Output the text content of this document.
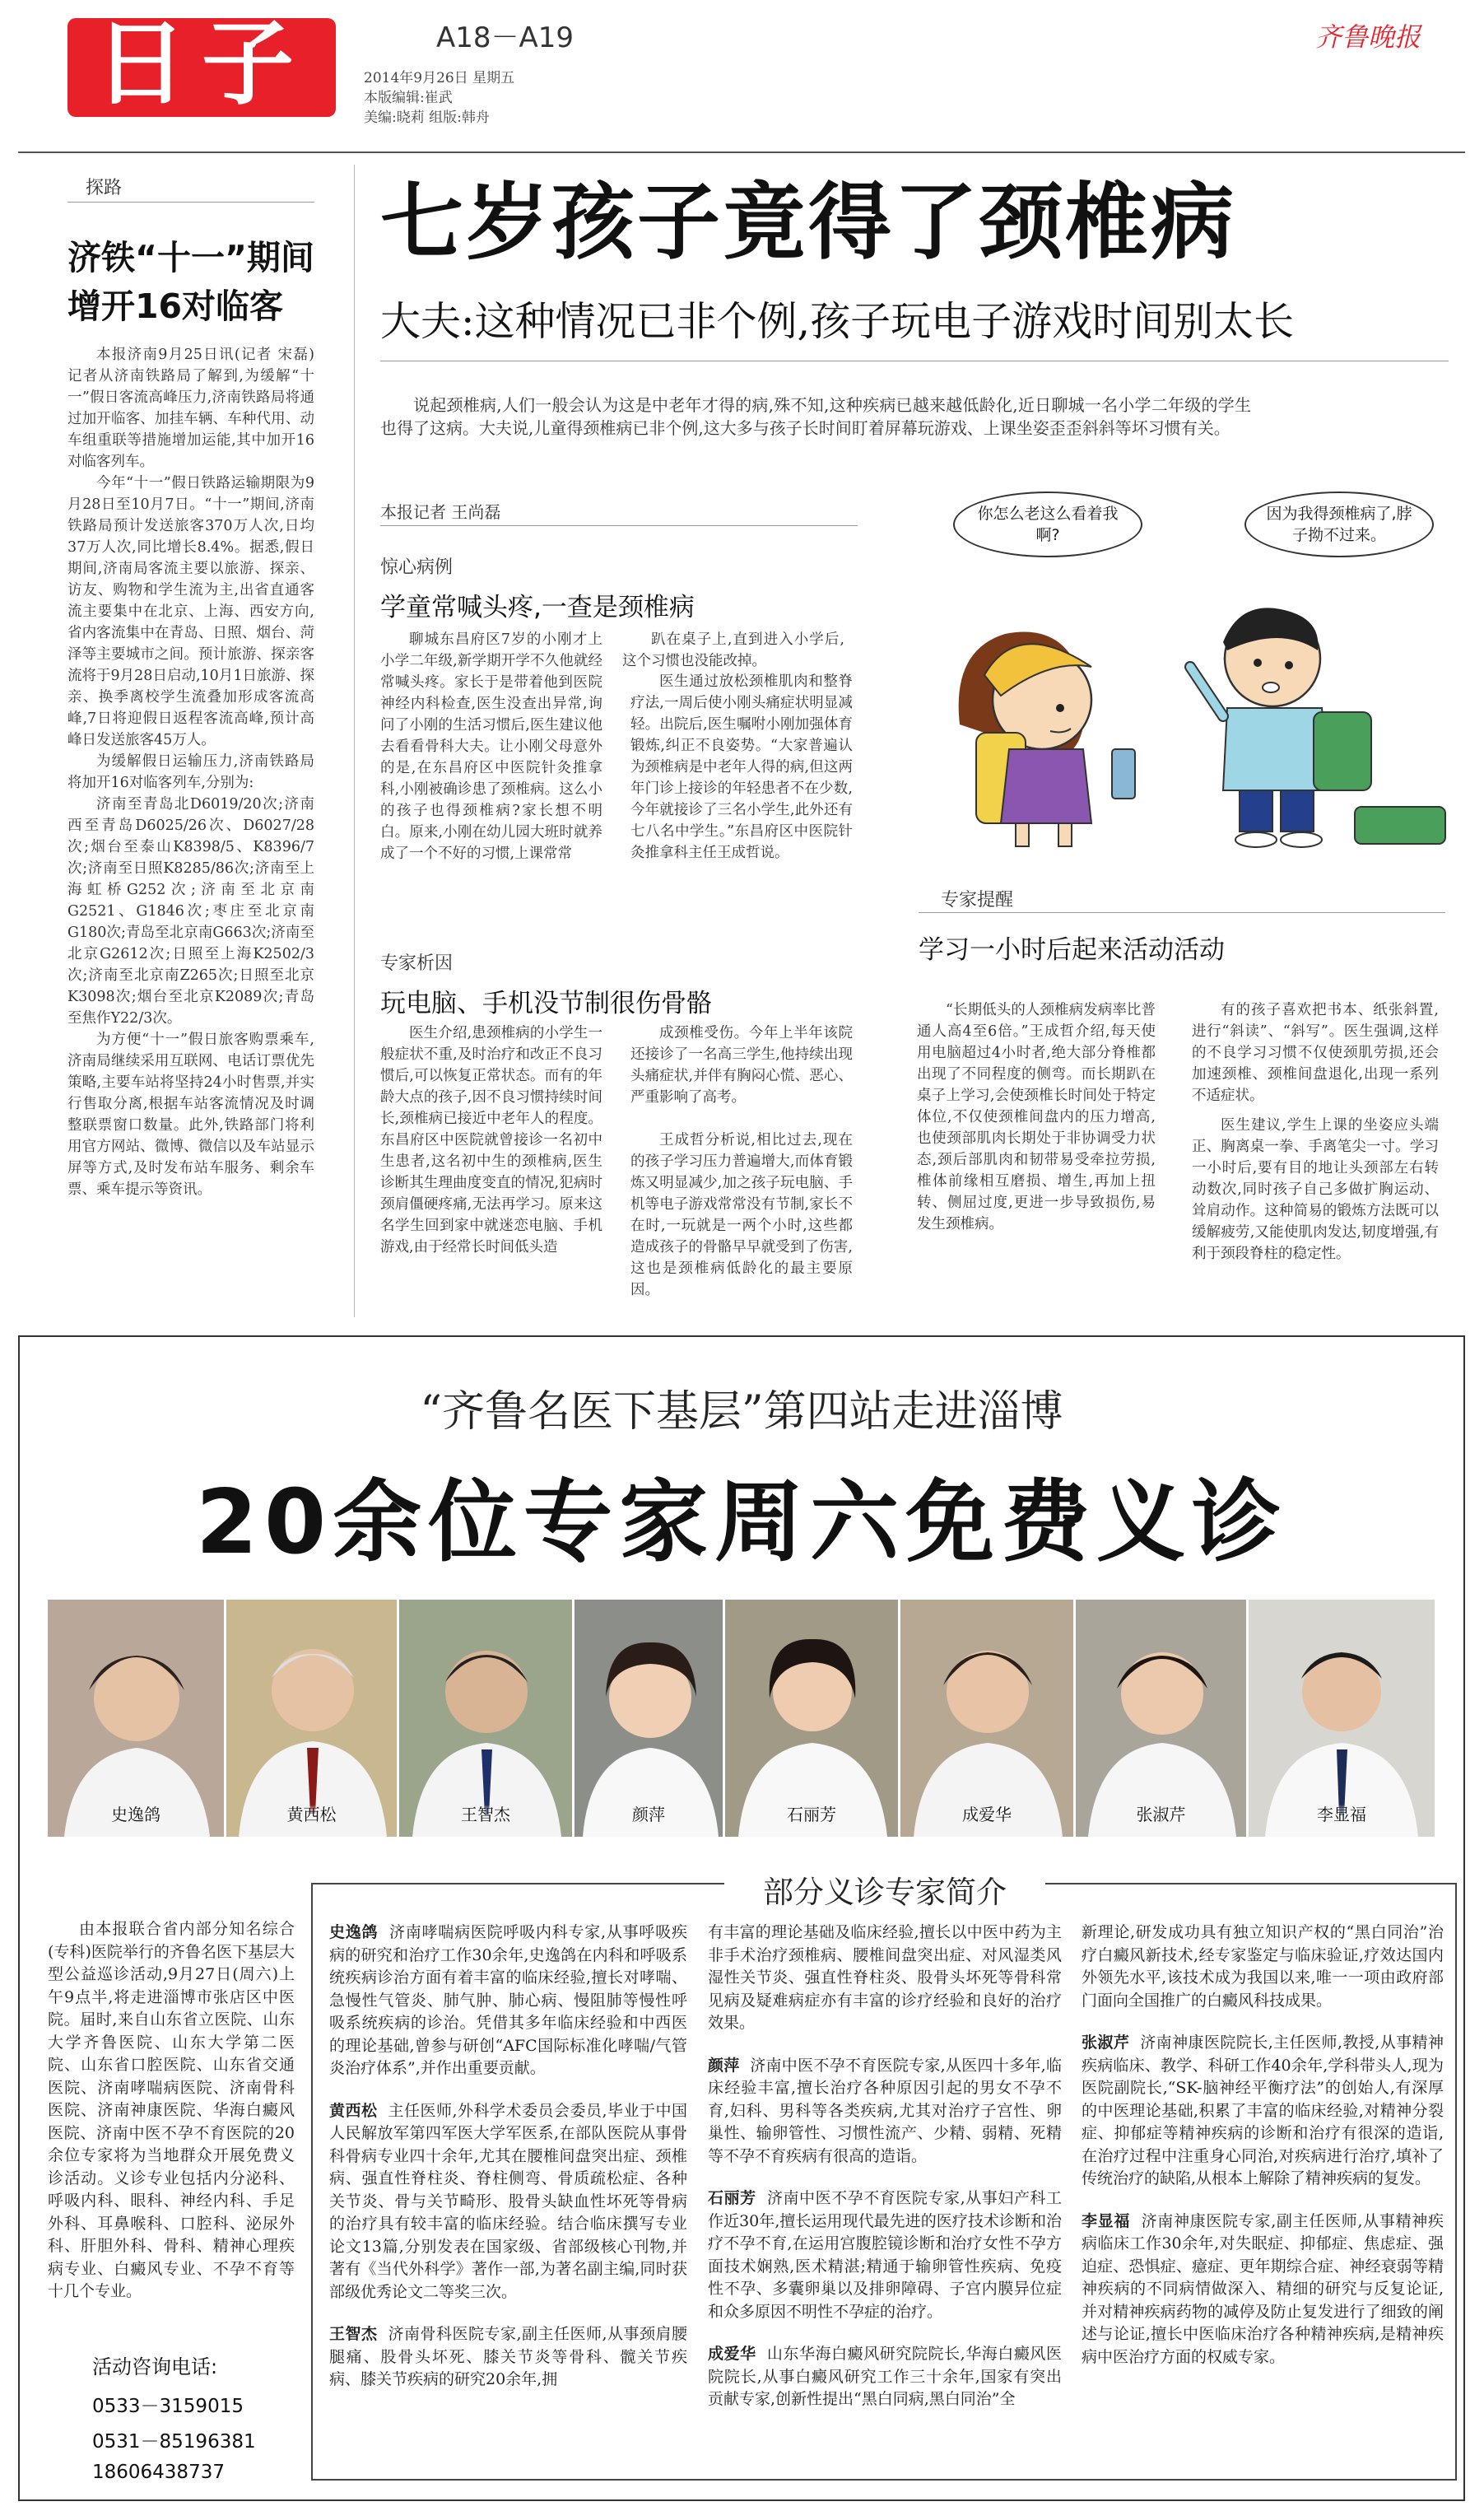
日子	A18－A19
2014年9月26日 星期五
本版编辑:崔武
美编:晓莉 组版:韩舟
齐鲁晚报
探路
济铁“十一”期间
增开16对临客

本报济南9月25日讯(记者 宋磊) 记者从济南铁路局了解到,为缓解“十一”假日客流高峰压力,济南铁路局将通过加开临客、加挂车辆、车种代用、动车组重联等措施增加运能,其中加开16对临客列车。

今年“十一”假日铁路运输期限为9月28日至10月7日。“十一”期间,济南铁路局预计发送旅客370万人次,日均37万人次,同比增长8.4%。据悉,假日期间,济南局客流主要以旅游、探亲、访友、购物和学生流为主,出省直通客流主要集中在北京、上海、西安方向,省内客流集中在青岛、日照、烟台、菏泽等主要城市之间。预计旅游、探亲客流将于9月28日启动,10月1日旅游、探亲、换季离校学生流叠加形成客流高峰,7日将迎假日返程客流高峰,预计高峰日发送旅客45万人。

为缓解假日运输压力,济南铁路局将加开16对临客列车,分别为:

济南至青岛北D6019/20次;济南西至青岛D6025/26次、D6027/28次;烟台至泰山K8398/5、K8396/7次;济南至日照K8285/86次;济南至上海虹桥G252次;济南至北京南G2521、G1846次;枣庄至北京南G180次;青岛至北京南G663次;济南至北京G2612次;日照至上海K2502/3次;济南至北京南Z265次;日照至北京K3098次;烟台至北京K2089次;青岛至焦作Y22/3次。

为方便“十一”假日旅客购票乘车,济南局继续采用互联网、电话订票优先策略,主要车站将坚持24小时售票,并实行售取分离,根据车站客流情况及时调整联票窗口数量。此外,铁路部门将利用官方网站、微博、微信以及车站显示屏等方式,及时发布站车服务、剩余车票、乘车提示等资讯。

七岁孩子竟得了颈椎病
大夫:这种情况已非个例,孩子玩电子游戏时间别太长
说起颈椎病,人们一般会认为这是中老年才得的病,殊不知,这种疾病已越来越低龄化,近日聊城一名小学二年级的学生也得了这病。大夫说,儿童得颈椎病已非个例,这大多与孩子长时间盯着屏幕玩游戏、上课坐姿歪歪斜斜等坏习惯有关。
本报记者 王尚磊
惊心病例
学童常喊头疼,一查是颈椎病
聊城东昌府区7岁的小刚才上小学二年级,新学期开学不久他就经常喊头疼。家长于是带着他到医院神经内科检查,医生没查出异常,询问了小刚的生活习惯后,医生建议他去看看骨科大夫。让小刚父母意外的是,在东昌府区中医院针灸推拿科,小刚被确诊患了颈椎病。这么小的孩子也得颈椎病?家长想不明白。原来,小刚在幼儿园大班时就养成了一个不好的习惯,上课常常
趴在桌子上,直到进入小学后,这个习惯也没能改掉。
医生通过放松颈椎肌肉和整脊疗法,一周后使小刚头痛症状明显减轻。出院后,医生嘱咐小刚加强体育锻炼,纠正不良姿势。“大家普遍认为颈椎病是中老年人得的病,但这两年门诊上接诊的年轻患者不在少数,今年就接诊了三名小学生,此外还有七八名中学生。”东昌府区中医院针灸推拿科主任王成哲说。
专家析因
玩电脑、手机没节制很伤骨骼
医生介绍,患颈椎病的小学生一般症状不重,及时治疗和改正不良习惯后,可以恢复正常状态。而有的年龄大点的孩子,因不良习惯持续时间长,颈椎病已接近中老年人的程度。东昌府区中医院就曾接诊一名初中生患者,这名初中生的颈椎病,医生诊断其生理曲度变直的情况,犯病时颈肩僵硬疼痛,无法再学习。原来这名学生回到家中就迷恋电脑、手机游戏,由于经常长时间低头造
成颈椎受伤。今年上半年该院还接诊了一名高三学生,他持续出现头痛症状,并伴有胸闷心慌、恶心、严重影响了高考。
王成哲分析说,相比过去,现在的孩子学习压力普遍增大,而体育锻炼又明显减少,加之孩子玩电脑、手机等电子游戏常常没有节制,家长不在时,一玩就是一两个小时,这些都造成孩子的骨骼早早就受到了伤害,这也是颈椎病低龄化的最主要原因。
你怎么老这么看着我啊?
因为我得颈椎病了,脖子拗不过来。
专家提醒
学习一小时后起来活动活动
“长期低头的人颈椎病发病率比普通人高4至6倍。”王成哲介绍,每天使用电脑超过4小时者,绝大部分脊椎都出现了不同程度的侧弯。而长期趴在桌子上学习,会使颈椎长时间处于特定体位,不仅使颈椎间盘内的压力增高,也使颈部肌肉长期处于非协调受力状态,颈后部肌肉和韧带易受牵拉劳损,椎体前缘相互磨损、增生,再加上扭转、侧屈过度,更进一步导致损伤,易发生颈椎病。
有的孩子喜欢把书本、纸张斜置,进行“斜读”、“斜写”。医生强调,这样的不良学习习惯不仅使颈肌劳损,还会加速颈椎、颈椎间盘退化,出现一系列不适症状。
医生建议,学生上课的坐姿应头端正、胸离桌一拳、手离笔尖一寸。学习一小时后,要有目的地让头颈部左右转动数次,同时孩子自己多做扩胸运动、耸肩动作。这种简易的锻炼方法既可以缓解疲劳,又能使肌肉发达,韧度增强,有利于颈段脊柱的稳定性。
“齐鲁名医下基层”第四站走进淄博
20余位专家周六免费义诊
史逸鸽	黄西松	王智杰	颜萍	石丽芳	成爱华	张淑芹	李显福
由本报联合省内部分知名综合(专科)医院举行的齐鲁名医下基层大型公益巡诊活动,9月27日(周六)上午9点半,将走进淄博市张店区中医院。届时,来自山东省立医院、山东大学齐鲁医院、山东大学第二医院、山东省口腔医院、山东省交通医院、济南哮喘病医院、济南骨科医院、济南神康医院、华海白癜风医院、济南中医不孕不育医院的20余位专家将为当地群众开展免费义诊活动。义诊专业包括内分泌科、呼吸内科、眼科、神经内科、手足外科、耳鼻喉科、口腔科、泌尿外科、肝胆外科、骨科、精神心理疾病专业、白癜风专业、不孕不育等十几个专业。
活动咨询电话:
0533－3159015
0531－85196381
18606438737
部分义诊专家简介
史逸鸽 济南哮喘病医院呼吸内科专家,从事呼吸疾病的研究和治疗工作30余年,史逸鸽在内科和呼吸系统疾病诊治方面有着丰富的临床经验,擅长对哮喘、急慢性气管炎、肺气肿、肺心病、慢阻肺等慢性呼吸系统疾病的诊治。凭借其多年临床经验和中西医的理论基础,曾参与研创“AFC国际标准化哮喘/气管炎治疗体系”,并作出重要贡献。
黄西松 主任医师,外科学术委员会委员,毕业于中国人民解放军第四军医大学军医系,在部队医院从事骨科骨病专业四十余年,尤其在腰椎间盘突出症、颈椎病、强直性脊柱炎、脊柱侧弯、骨质疏松症、各种关节炎、骨与关节畸形、股骨头缺血性坏死等骨病的治疗具有较丰富的临床经验。结合临床撰写专业论文13篇,分别发表在国家级、省部级核心刊物,并著有《当代外科学》著作一部,为著名副主编,同时获部级优秀论文二等奖三次。
王智杰 济南骨科医院专家,副主任医师,从事颈肩腰腿痛、股骨头坏死、膝关节炎等骨科、髋关节疾病、膝关节疾病的研究20余年,拥
有丰富的理论基础及临床经验,擅长以中医中药为主非手术治疗颈椎病、腰椎间盘突出症、对风湿类风湿性关节炎、强直性脊柱炎、股骨头坏死等骨科常见病及疑难病症亦有丰富的诊疗经验和良好的治疗效果。
颜萍 济南中医不孕不育医院专家,从医四十多年,临床经验丰富,擅长治疗各种原因引起的男女不孕不育,妇科、男科等各类疾病,尤其对治疗子宫性、卵巢性、输卵管性、习惯性流产、少精、弱精、死精等不孕不育疾病有很高的造诣。
石丽芳 济南中医不孕不育医院专家,从事妇产科工作近30年,擅长运用现代最先进的医疗技术诊断和治疗不孕不育,在运用宫腹腔镜诊断和治疗女性不孕方面技术娴熟,医术精湛;精通于输卵管性疾病、免疫性不孕、多囊卵巢以及排卵障碍、子宫内膜异位症和众多原因不明性不孕症的治疗。
成爱华 山东华海白癜风研究院院长,华海白癜风医院院长,从事白癜风研究工作三十余年,国家有突出贡献专家,创新性提出“黑白同病,黑白同治”全
新理论,研发成功具有独立知识产权的“黑白同治”治疗白癜风新技术,经专家鉴定与临床验证,疗效达国内外领先水平,该技术成为我国以来,唯一一项由政府部门面向全国推广的白癜风科技成果。
张淑芹 济南神康医院院长,主任医师,教授,从事精神疾病临床、教学、科研工作40余年,学科带头人,现为医院副院长,“SK-脑神经平衡疗法”的创始人,有深厚的中医理论基础,积累了丰富的临床经验,对精神分裂症、抑郁症等精神疾病的诊断和治疗有很深的造诣,在治疗过程中注重身心同治,对疾病进行治疗,填补了传统治疗的缺陷,从根本上解除了精神疾病的复发。
李显福 济南神康医院专家,副主任医师,从事精神疾病临床工作30余年,对失眠症、抑郁症、焦虑症、强迫症、恐惧症、癔症、更年期综合症、神经衰弱等精神疾病的不同病情做深入、精细的研究与反复论证,并对精神疾病药物的减停及防止复发进行了细致的阐述与论证,擅长中医临床治疗各种精神疾病,是精神疾病中医治疗方面的权威专家。
